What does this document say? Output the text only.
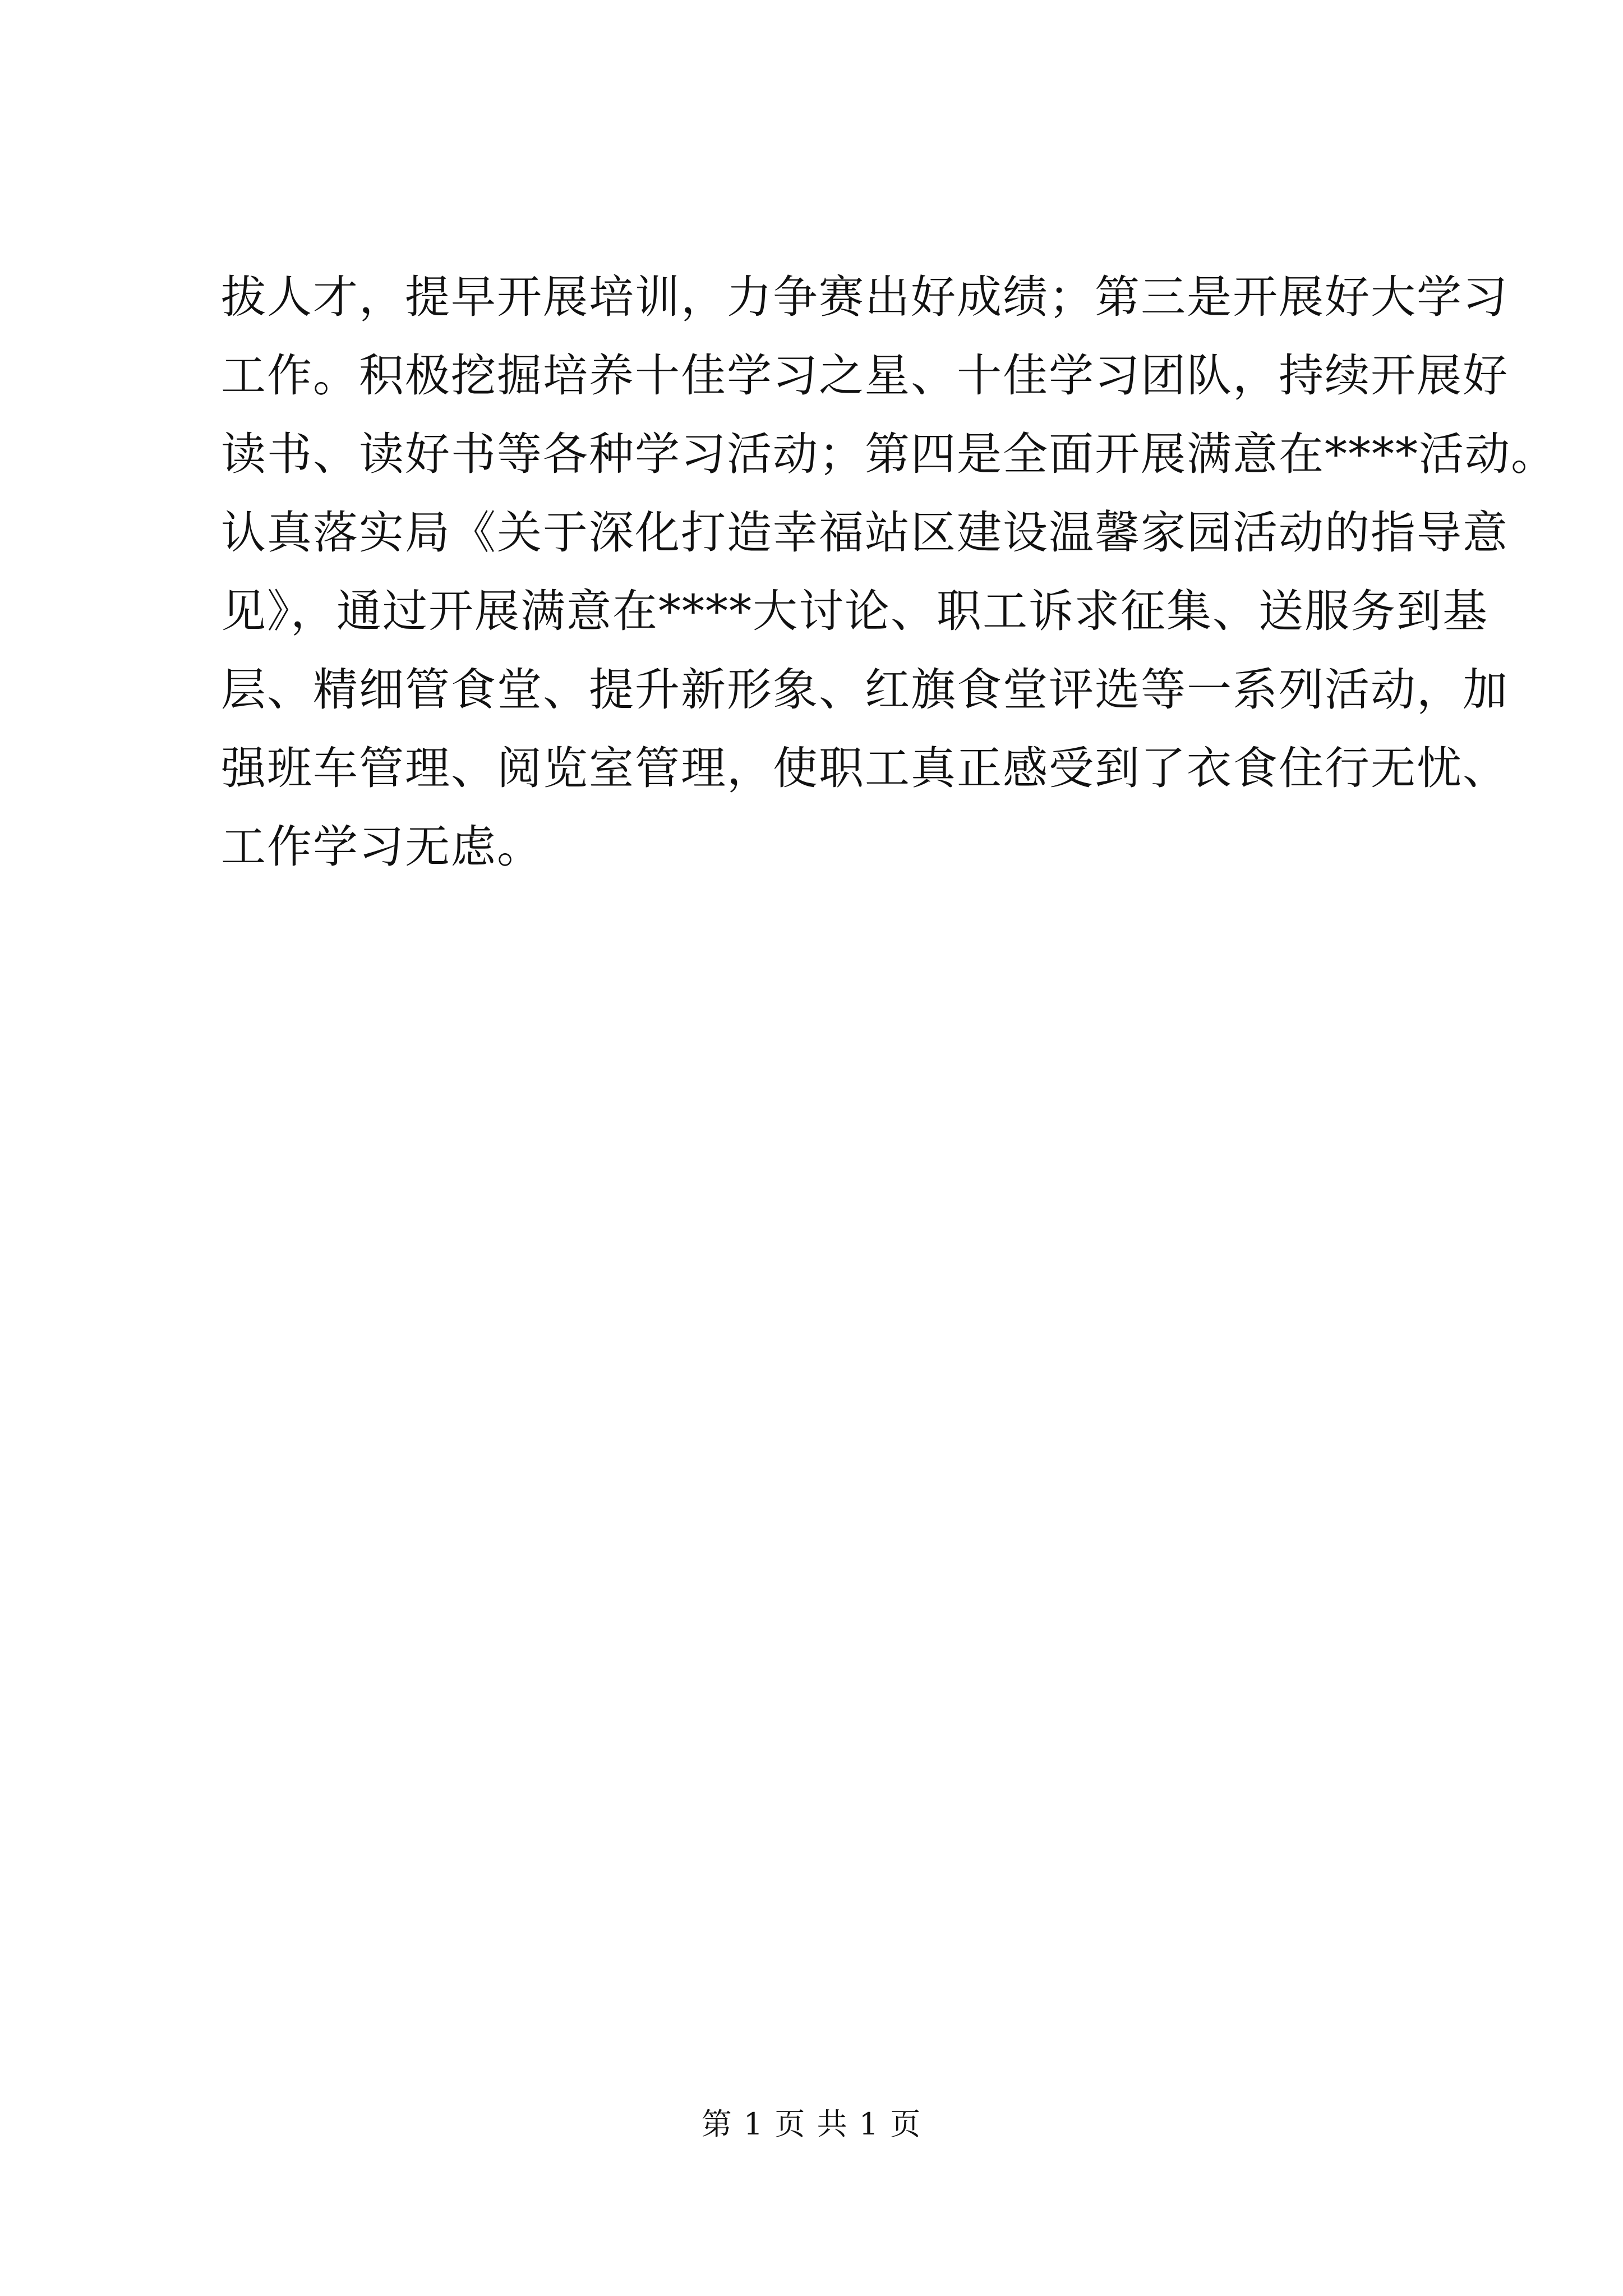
拔人才，提早开展培训，力争赛出好成绩；第三是开展好大学习
工作。积极挖掘培养十佳学习之星、十佳学习团队，持续开展好
读书、读好书等各种学习活动；第四是全面开展满意在****活动。
认真落实局《关于深化打造幸福站区建设温馨家园活动的指导意
见》，通过开展满意在****大讨论、职工诉求征集、送服务到基
层、精细管食堂、提升新形象、红旗食堂评选等一系列活动，加
强班车管理、阅览室管理，使职工真正感受到了衣食住行无忧、
工作学习无虑。
第 1 页 共 1 页
